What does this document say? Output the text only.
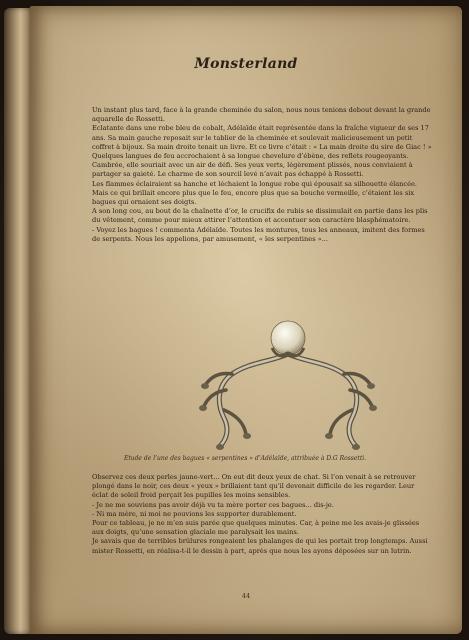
Monsterland

Un instant plus tard, face à la grande cheminée du salon, nous nous tenions debout devant la grande aquarelle de Rossetti.

Eclatante dans une robe bleu de cobalt, Adélaïde était représentée dans la fraîche vigueur de ses 17 ans. Sa main gauche reposait sur le tablier de la cheminée et soulevait malicieusement un petit coffret à bijoux. Sa main droite tenait un livre. Et ce livre c’était : « La main droite du sire de Giac ! »

Quelques langues de feu accrochaient à sa longue chevelure d’ébène, des reflets rougeoyants. Cambrée, elle souriait avec un air de défi. Ses yeux verts, légèrement plissés, nous conviaient à partager sa gaieté. Le charme de son sourcil levé n’avait pas échappé à Rossetti.

Les flammes éclairaient sa hanche et léchaient la longue robe qui épousait sa silhouette élancée. Mais ce qui brillait encore plus que le feu, encore plus que sa bouche vermeille, c’étaient les six bagues qui ornaient ses doigts.

A son long cou, au bout de la chaînette d’or, le crucifix de rubis se dissimulait en partie dans les plis du vêtement, comme pour mieux attirer l’attention et accentuer son caractère blasphématoire.

- Voyez les bagues ! commenta Adélaïde. Toutes les montures, tous les anneaux, imitent des formes de serpents. Nous les appelions, par amusement, « les serpentines »...

Etude de l’une des bagues « serpentines » d’Adélaïde, attribuée à D.G Rossetti.

Observez ces deux perles jaune-vert... On eut dit deux yeux de chat. Si l’on venait à se retrouver plongé dans le noir, ces deux « yeux » brillaient tant qu’il devenait difficile de les regarder. Leur éclat de soleil froid perçait les pupilles les moins sensibles.

- Je ne me souviens pas avoir déjà vu ta mère porter ces bagues... dis-je.

- Ni ma mère, ni moi ne pouvions les supporter durablement.

Pour ce tableau, je ne m’en suis parée que quelques minutes. Car, à peine me les avais-je glissées aux doigts, qu’une sensation glaciale me paralysait les mains.

Je savais que de terribles brûlures rongeaient les phalanges de qui les portait trop longtemps. Aussi mister Rossetti, en réalisa-t-il le dessin à part, après que nous les ayons déposées sur un lutrin.

44
